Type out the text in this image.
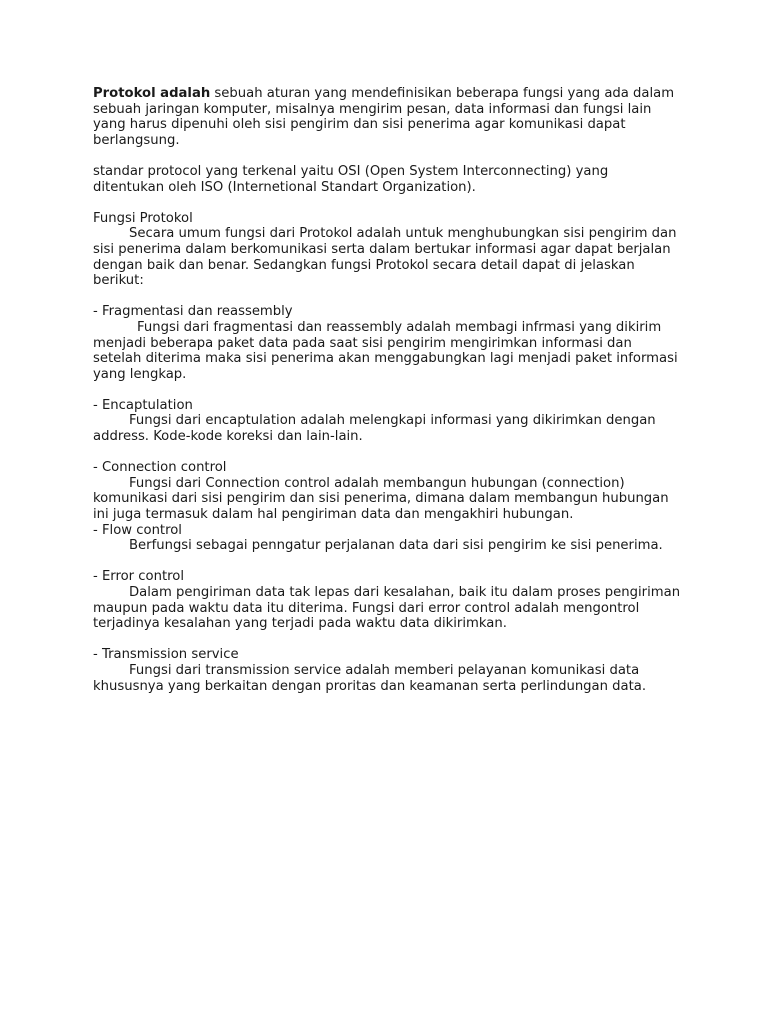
Protokol adalah sebuah aturan yang mendefinisikan beberapa fungsi yang ada dalam sebuah jaringan komputer, misalnya mengirim pesan, data informasi dan fungsi lain yang harus dipenuhi oleh sisi pengirim dan sisi penerima agar komunikasi dapat berlangsung.

standar protocol yang terkenal yaitu OSI (Open System Interconnecting) yang ditentukan oleh ISO (Internetional Standart Organization).

Fungsi Protokol
Secara umum fungsi dari Protokol adalah untuk menghubungkan sisi pengirim dan sisi penerima dalam berkomunikasi serta dalam bertukar informasi agar dapat berjalan dengan baik dan benar. Sedangkan fungsi Protokol secara detail dapat di jelaskan berikut:
- Fragmentasi dan reassembly
Fungsi dari fragmentasi dan reassembly adalah membagi infrmasi yang dikirim menjadi beberapa paket data pada saat sisi pengirim mengirimkan informasi dan setelah diterima maka sisi penerima akan menggabungkan lagi menjadi paket informasi yang lengkap.
- Encaptulation
Fungsi dari encaptulation adalah melengkapi informasi yang dikirimkan dengan address. Kode-kode koreksi dan lain-lain.
- Connection control
Fungsi dari Connection control adalah membangun hubungan (connection) komunikasi dari sisi pengirim dan sisi penerima, dimana dalam membangun hubungan ini juga termasuk dalam hal pengiriman data dan mengakhiri hubungan.
- Flow control
Berfungsi sebagai penngatur perjalanan data dari sisi pengirim ke sisi penerima.
- Error control
Dalam pengiriman data tak lepas dari kesalahan, baik itu dalam proses pengiriman maupun pada waktu data itu diterima. Fungsi dari error control adalah mengontrol terjadinya kesalahan yang terjadi pada waktu data dikirimkan.
- Transmission service
Fungsi dari transmission service adalah memberi pelayanan komunikasi data khususnya yang berkaitan dengan proritas dan keamanan serta perlindungan data.
